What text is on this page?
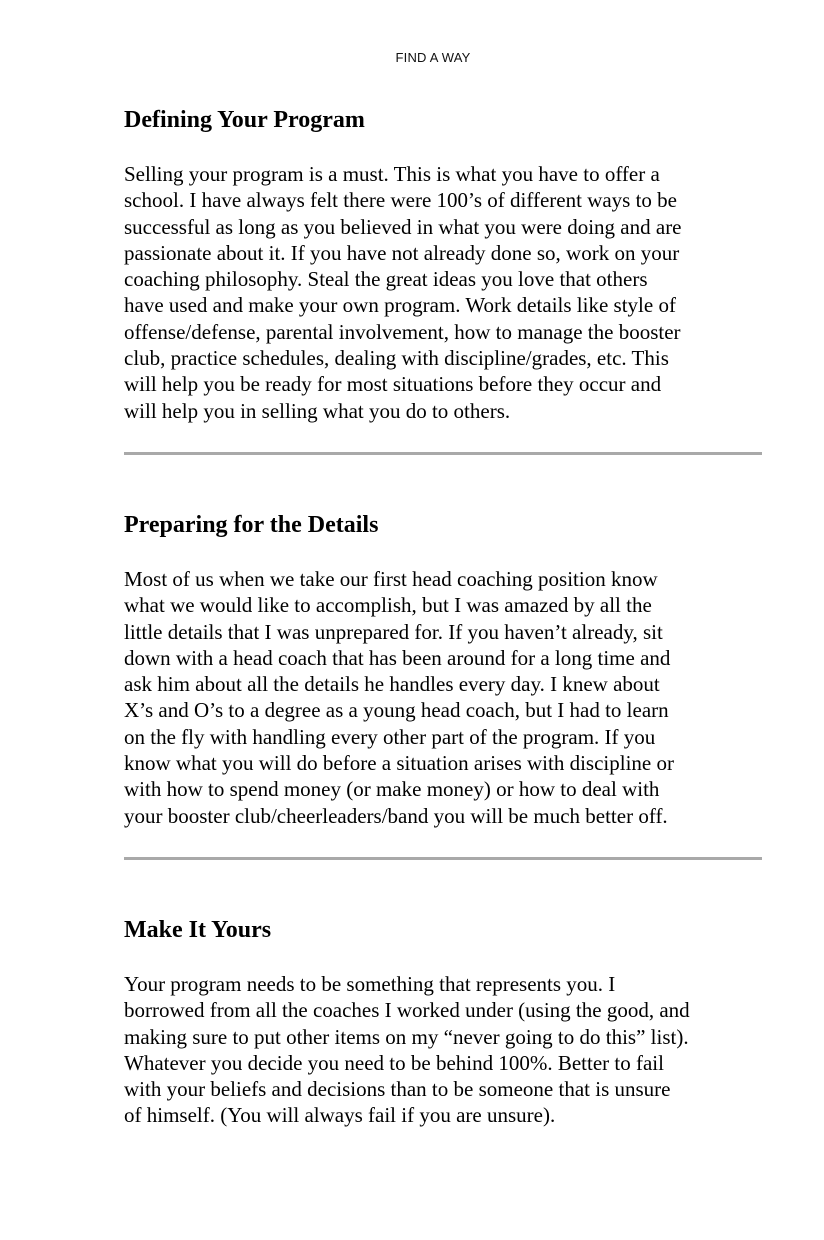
FIND A WAY
Defining Your Program

Selling your program is a must. This is what you have to offer a

school. I have always felt there were 100’s of different ways to be

successful as long as you believed in what you were doing and are

passionate about it. If you have not already done so, work on your

coaching philosophy. Steal the great ideas you love that others

have used and make your own program. Work details like style of

offense/defense, parental involvement, how to manage the booster

club, practice schedules, dealing with discipline/grades, etc. This

will help you be ready for most situations before they occur and

will help you in selling what you do to others.

Preparing for the Details

Most of us when we take our first head coaching position know

what we would like to accomplish, but I was amazed by all the

little details that I was unprepared for. If you haven’t already, sit

down with a head coach that has been around for a long time and

ask him about all the details he handles every day. I knew about

X’s and O’s to a degree as a young head coach, but I had to learn

on the fly with handling every other part of the program. If you

know what you will do before a situation arises with discipline or

with how to spend money (or make money) or how to deal with

your booster club/cheerleaders/band you will be much better off.

Make It Yours

Your program needs to be something that represents you. I

borrowed from all the coaches I worked under (using the good, and

making sure to put other items on my “never going to do this” list).

Whatever you decide you need to be behind 100%. Better to fail

with your beliefs and decisions than to be someone that is unsure

of himself. (You will always fail if you are unsure).
